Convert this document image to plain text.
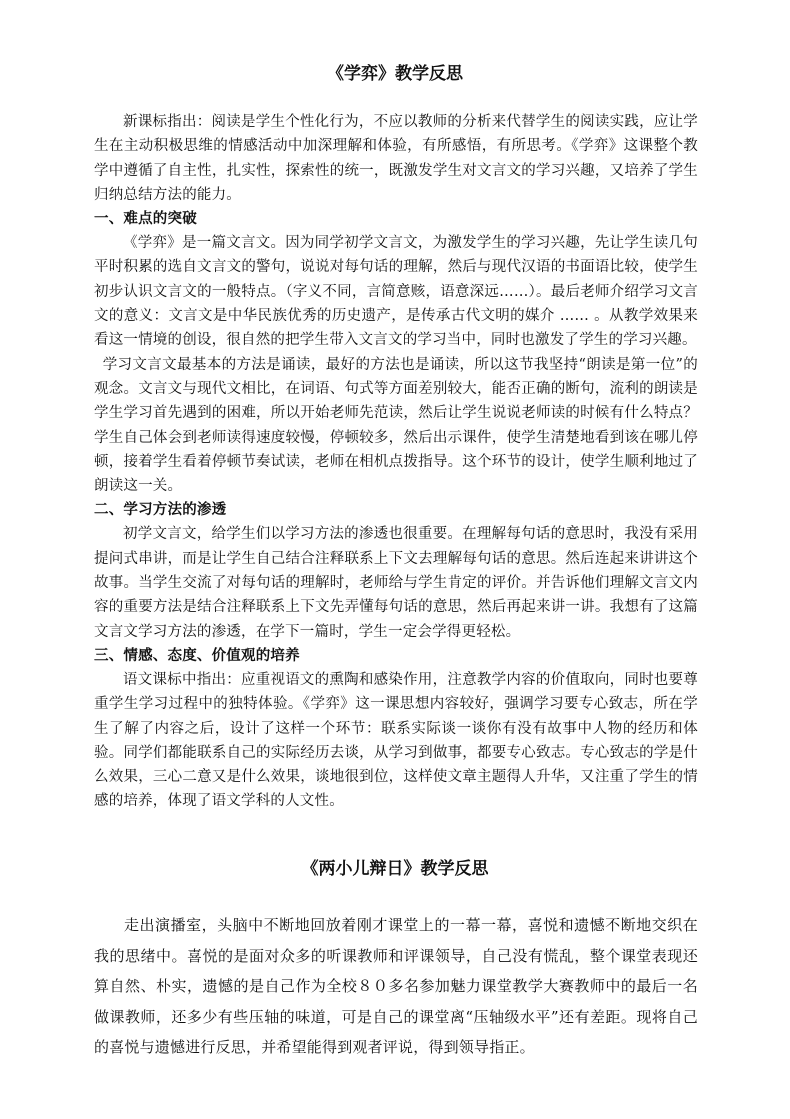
《学弈》教学反思

新课标指出：阅读是学生个性化行为，不应以教师的分析来代替学生的阅读实践，应让学生在主动积极思维的情感活动中加深理解和体验，有所感悟，有所思考。《学弈》这课整个教学中遵循了自主性，扎实性，探索性的统一，既激发学生对文言文的学习兴趣，又培养了学生归纳总结方法的能力。

一、难点的突破

《学弈》是一篇文言文。因为同学初学文言文，为激发学生的学习兴趣，先让学生读几句平时积累的选自文言文的警句，说说对每句话的理解，然后与现代汉语的书面语比较，使学生初步认识文言文的一般特点。（字义不同，言简意赅，语意深远……）。最后老师介绍学习文言文的意义：文言文是中华民族优秀的历史遗产，是传承古代文明的媒介 …… 。从教学效果来看这一情境的创设，很自然的把学生带入文言文的学习当中，同时也激发了学生的学习兴趣。

学习文言文最基本的方法是诵读，最好的方法也是诵读，所以这节我坚持“朗读是第一位”的观念。文言文与现代文相比，在词语、句式等方面差别较大，能否正确的断句，流利的朗读是学生学习首先遇到的困难，所以开始老师先范读，然后让学生说说老师读的时候有什么特点？学生自己体会到老师读得速度较慢，停顿较多，然后出示课件，使学生清楚地看到该在哪儿停顿，接着学生看着停顿节奏试读，老师在相机点拨指导。这个环节的设计，使学生顺利地过了朗读这一关。

二、学习方法的渗透

初学文言文，给学生们以学习方法的渗透也很重要。在理解每句话的意思时，我没有采用提问式串讲，而是让学生自己结合注释联系上下文去理解每句话的意思。然后连起来讲讲这个故事。当学生交流了对每句话的理解时，老师给与学生肯定的评价。并告诉他们理解文言文内容的重要方法是结合注释联系上下文先弄懂每句话的意思，然后再起来讲一讲。我想有了这篇文言文学习方法的渗透，在学下一篇时，学生一定会学得更轻松。

三、情感、态度、价值观的培养

语文课标中指出：应重视语文的熏陶和感染作用，注意教学内容的价值取向，同时也要尊重学生学习过程中的独特体验。《学弈》这一课思想内容较好，强调学习要专心致志，所在学生了解了内容之后，设计了这样一个环节：联系实际谈一谈你有没有故事中人物的经历和体验。同学们都能联系自己的实际经历去谈，从学习到做事，都要专心致志。专心致志的学是什么效果，三心二意又是什么效果，谈地很到位，这样使文章主题得人升华，又注重了学生的情感的培养，体现了语文学科的人文性。

《两小儿辩日》教学反思

走出演播室，头脑中不断地回放着刚才课堂上的一幕一幕，喜悦和遗憾不断地交织在我的思绪中。喜悦的是面对众多的听课教师和评课领导，自己没有慌乱，整个课堂表现还算自然、朴实，遗憾的是自己作为全校８０多名参加魅力课堂教学大赛教师中的最后一名做课教师，还多少有些压轴的味道，可是自己的课堂离“压轴级水平”还有差距。现将自己的喜悦与遗憾进行反思，并希望能得到观者评说，得到领导指正。
